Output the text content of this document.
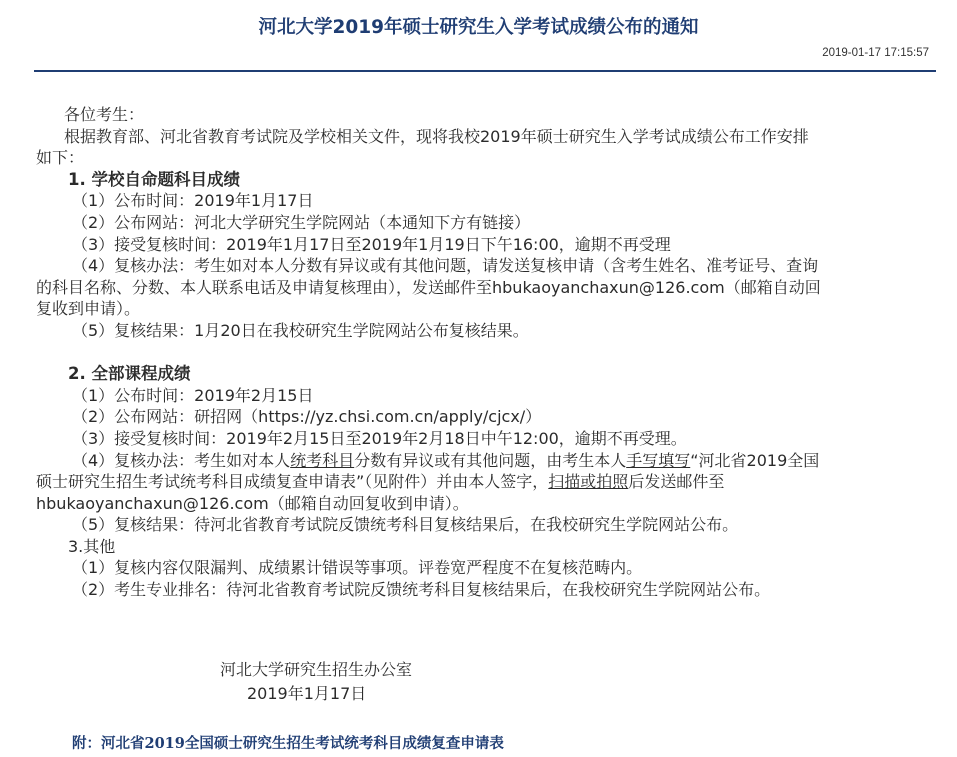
河北大学2019年硕士研究生入学考试成绩公布的通知
2019-01-17 17:15:57

各位考生：

根据教育部、河北省教育考试院及学校相关文件，现将我校2019年硕士研究生入学考试成绩公布工作安排

如下：

1. 学校自命题科目成绩

（1）公布时间：2019年1月17日

（2）公布网站：河北大学研究生学院网站（本通知下方有链接）

（3）接受复核时间：2019年1月17日至2019年1月19日下午16:00，逾期不再受理

（4）复核办法：考生如对本人分数有异议或有其他问题，请发送复核申请（含考生姓名、准考证号、查询

的科目名称、分数、本人联系电话及申请复核理由），发送邮件至hbukaoyanchaxun@126.com（邮箱自动回

复收到申请）。

（5）复核结果：1月20日在我校研究生学院网站公布复核结果。

2. 全部课程成绩

（1）公布时间：2019年2月15日

（2）公布网站：研招网（https://yz.chsi.com.cn/apply/cjcx/）

（3）接受复核时间：2019年2月15日至2019年2月18日中午12:00，逾期不再受理。

（4）复核办法：考生如对本人统考科目分数有异议或有其他问题，由考生本人手写填写“河北省2019全国

硕士研究生招生考试统考科目成绩复查申请表”（见附件）并由本人签字，扫描或拍照后发送邮件至

hbukaoyanchaxun@126.com（邮箱自动回复收到申请）。

（5）复核结果：待河北省教育考试院反馈统考科目复核结果后，在我校研究生学院网站公布。

3.其他

（1）复核内容仅限漏判、成绩累计错误等事项。评卷宽严程度不在复核范畴内。

（2）考生专业排名：待河北省教育考试院反馈统考科目复核结果后，在我校研究生学院网站公布。

河北大学研究生招生办公室
2019年1月17日
附：河北省2019全国硕士研究生招生考试统考科目成绩复查申请表
